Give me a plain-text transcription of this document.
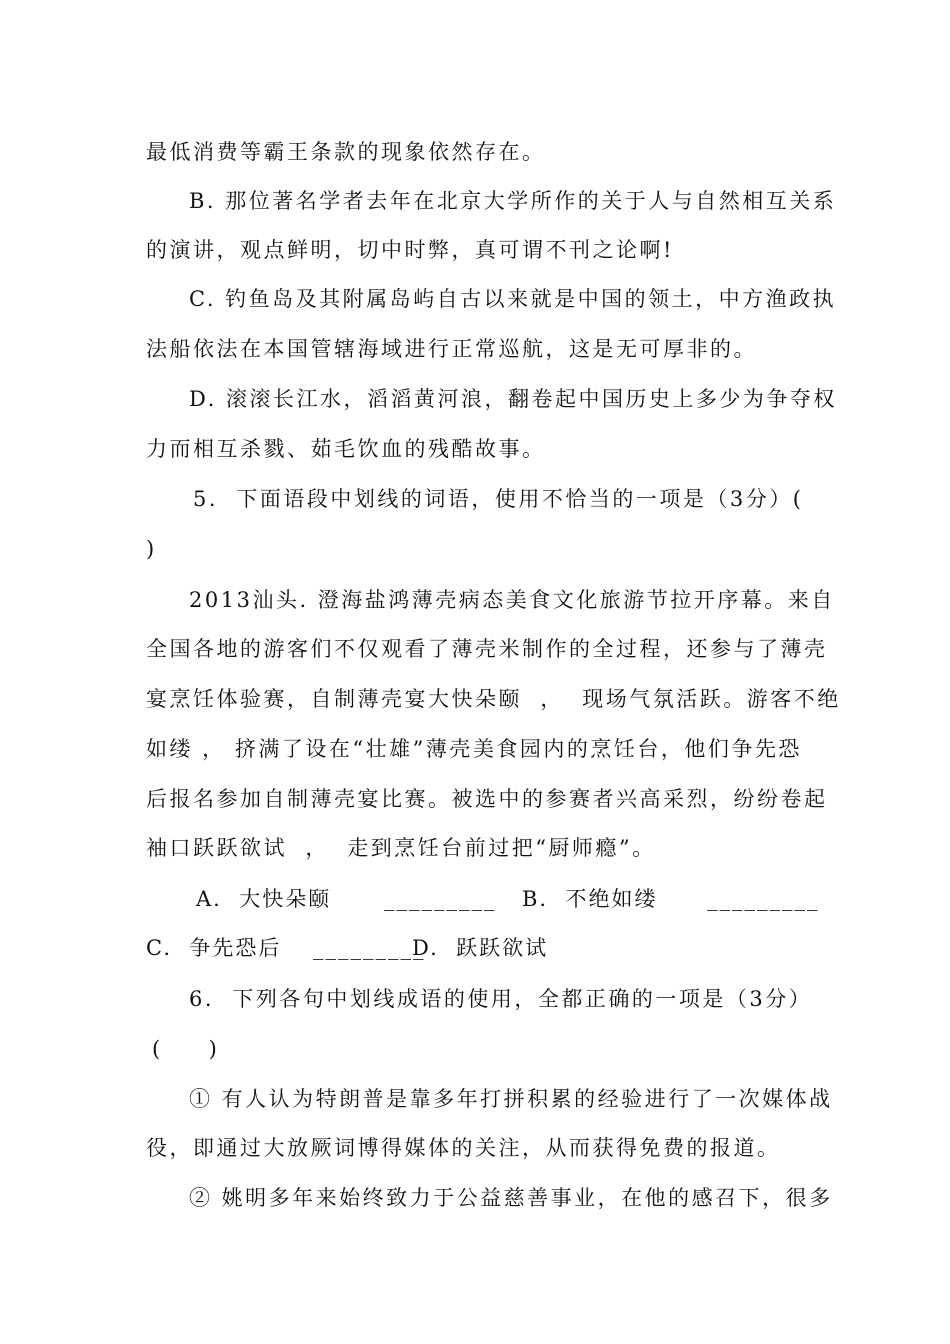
最低消费等霸王条款的现象依然存在。
B. 那位著名学者去年在北京大学所作的关于人与自然相互关系
的演讲，观点鲜明，切中时弊，真可谓不刊之论啊!
C. 钓鱼岛及其附属岛屿自古以来就是中国的领土，中方渔政执
法船依法在本国管辖海域进行正常巡航，这是无可厚非的。
D. 滚滚长江水，滔滔黄河浪，翻卷起中国历史上多少为争夺权
力而相互杀戮、茹毛饮血的残酷故事。
5.  下面语段中划线的词语，使用不恰当的一项是（3分）(
)
2013汕头. 澄海盐鸿薄壳病态美食文化旅游节拉开序幕。来自
全国各地的游客们不仅观看了薄壳米制作的全过程，还参与了薄壳
宴烹饪体验赛，自制薄壳宴大快朵颐  ，  现场气氛活跃。游客不绝
如缕 ， 挤满了设在“壮雄”薄壳美食园内的烹饪台，他们争先恐
后报名参加自制薄壳宴比赛。被选中的参赛者兴高采烈，纷纷卷起
袖口跃跃欲试  ，  走到烹饪台前过把“厨师瘾”。
A.  大快朵颐	_________ B.  不绝如缕 _________
C.  争先恐后 _________
D.  跃跃欲试
6.  下列各句中划线成语的使用，全都正确的一项是（3分）
(     )
① 有人认为特朗普是靠多年打拼积累的经验进行了一次媒体战
役，即通过大放厥词博得媒体的关注，从而获得免费的报道。
② 姚明多年来始终致力于公益慈善事业，在他的感召下，很多
